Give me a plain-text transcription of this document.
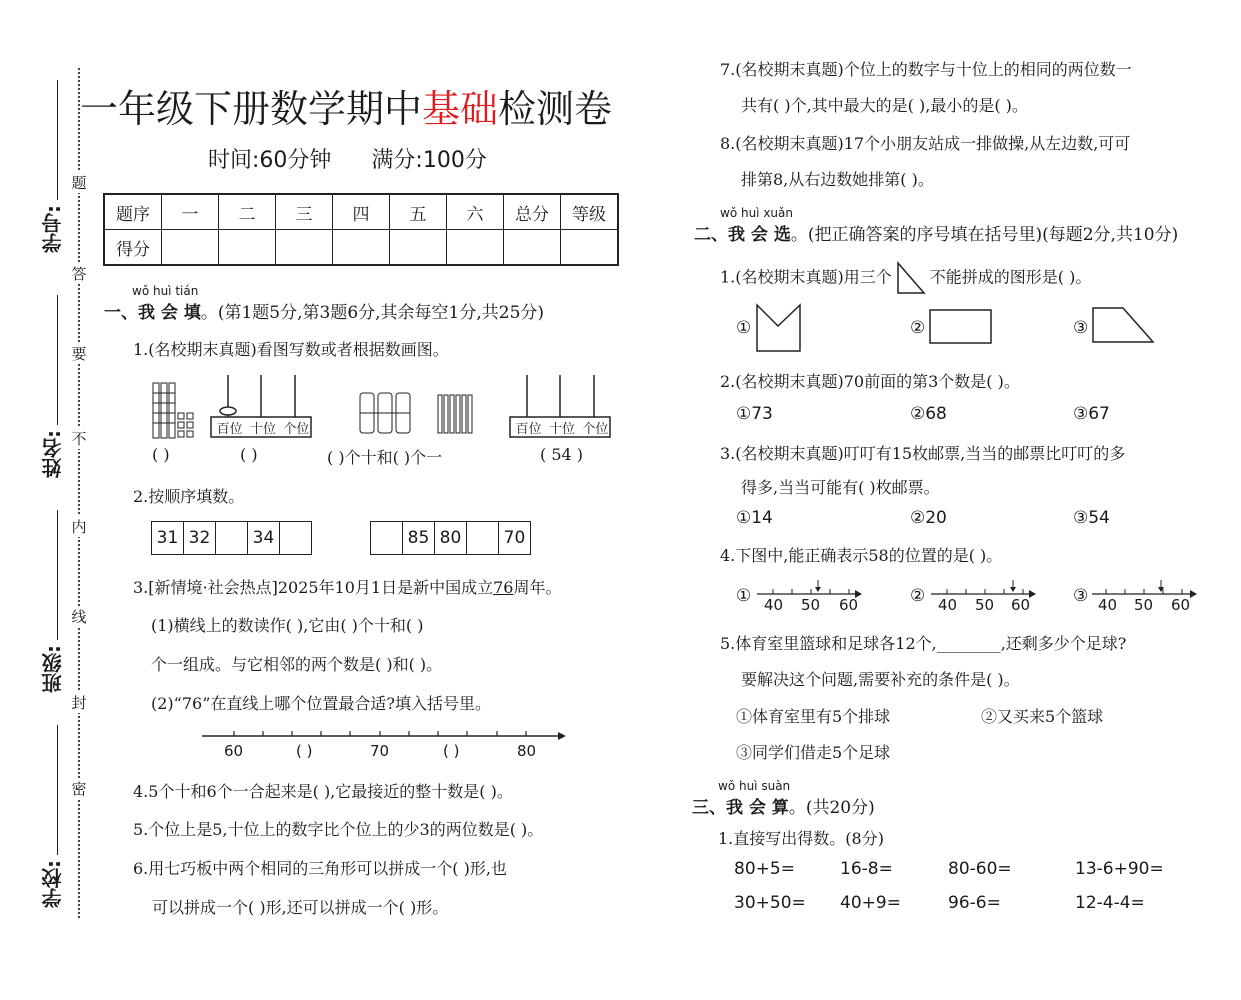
学号:
姓名:
班级:
学校:
题
答
要
不
内
线
封
密
一年级下册数学期中基础检测卷
时间:60分钟 满分:100分
题序	一	二	三	四	五	六	总分	等级
得分								
wǒ huì tián
一、我 会 填。(第1题5分,第3题6分,其余每空1分,共25分)
1.(名校期末真题)看图写数或者根据数画图。
百位 十位 个位	百位 十位 个位
( )	( )	( )个十和( )个一	( 54 )
2.按顺序填数。
31 32	34	85 80	70
3.[新情境·社会热点]2025年10月1日是新中国成立76周年。
(1)横线上的数读作( ),它由( )个十和( )
个一组成。与它相邻的两个数是( )和( )。
(2)“76”在直线上哪个位置最合适?填入括号里。
60	( )	70	( )	80
4.5个十和6个一合起来是( ),它最接近的整十数是( )。
5.个位上是5,十位上的数字比个位上的少3的两位数是( )。
6.用七巧板中两个相同的三角形可以拼成一个( )形,也
可以拼成一个( )形,还可以拼成一个( )形。
7.(名校期末真题)个位上的数字与十位上的相同的两位数一
共有( )个,其中最大的是( ),最小的是( )。
8.(名校期末真题)17个小朋友站成一排做操,从左边数,可可
排第8,从右边数她排第( )。
wǒ huì xuǎn
二、我 会 选。(把正确答案的序号填在括号里)(每题2分,共10分)
1.(名校期末真题)用三个 不能拼成的图形是( )。
①	②	③
2.(名校期末真题)70前面的第3个数是( )。
①73	②68	③67
3.(名校期末真题)叮叮有15枚邮票,当当的邮票比叮叮的多
得多,当当可能有( )枚邮票。
①14	②20	③54
4.下图中,能正确表示58的位置的是( )。
① 40 50 60	② 40 50 60	③ 40 50 60
5.体育室里篮球和足球各12个,________,还剩多少个足球?
要解决这个问题,需要补充的条件是( )。
①体育室里有5个排球	②又买来5个篮球
③同学们借走5个足球
wǒ huì suàn
三、我 会 算。(共20分)
1.直接写出得数。(8分)
80+5=	16-8=	80-60=	13-6+90=
30+50= 40+9=	96-6=	12-4-4=
